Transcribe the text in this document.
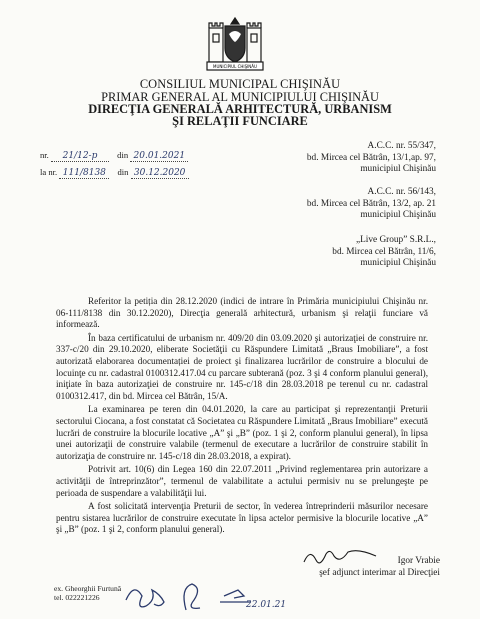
MUNICIPIUL CHIŞINĂU
CONSILIUL MUNICIPAL CHIŞINĂU
PRIMAR GENERAL AL MUNICIPIULUI CHIŞINĂU
DIRECŢIA GENERALĂ ARHITECTURĂ, URBANISM
ŞI RELAŢII FUNCIARE
nr. 21/12-p din 20.01.2021
la nr. 111/8138 din 30.12.2020
A.C.C. nr. 55/347,
bd. Mircea cel Bătrân, 13/1,ap. 97,
municipiul Chişinău
A.C.C. nr. 56/143,
bd. Mircea cel Bătrân, 13/2, ap. 21
municipiul Chişinău
„Live Group” S.R.L.,
bd. Mircea cel Bătrân, 11/6,
municipiul Chişinău

Referitor la petiția din 28.12.2020 (indici de intrare în Primăria municipiului Chişinău nr. 06-111/8138 din 30.12.2020), Direcţia generală arhitectură, urbanism şi relaţii funciare vă informează.

În baza certificatului de urbanism nr. 409/20 din 03.09.2020 şi autorizaţiei de construire nr. 337-c/20 din 29.10.2020, eliberate Societăţii cu Răspundere Limitată „Braus Imobiliare”, a fost autorizată elaborarea documentației de proiect şi finalizarea lucrărilor de construire a blocului de locuinţe cu nr. cadastral 0100312.417.04 cu parcare subterană (poz. 3 şi 4 conform planului general), iniţiate în baza autorizaţiei de construire nr. 145-c/18 din 28.03.2018 pe terenul cu nr. cadastral 0100312.417, din bd. Mircea cel Bătrân, 15/A.

La examinarea pe teren din 04.01.2020, la care au participat şi reprezentanţii Preturii sectorului Ciocana, a fost constatat că Societatea cu Răspundere Limitată „Braus Imobiliare” execută lucrări de construire la blocurile locative „A” şi „B” (poz. 1 şi 2, conform planului general), în lipsa unei autorizaţii de construire valabile (termenul de executare a lucrărilor de construire stabilit în autorizaţia de construire nr. 145-c/18 din 28.03.2018, a expirat).

Potrivit art. 10(6) din Legea 160 din 22.07.2011 „Privind reglementarea prin autorizare a activităţii de întreprinzător”, termenul de valabilitate a actului permisiv nu se prelungeşte pe perioada de suspendare a valabilităţii lui.

A fost solicitată intervenţia Preturii de sector, în vederea întreprinderii măsurilor necesare pentru sistarea lucrărilor de construire executate în lipsa actelor permisive la blocurile locative „A” şi „B” (poz. 1 şi 2, conform planului general).

Igor Vrabie
şef adjunct interimar al Direcţiei
ex. Gheorghii Furtună
tel. 022221226
22.01.21
